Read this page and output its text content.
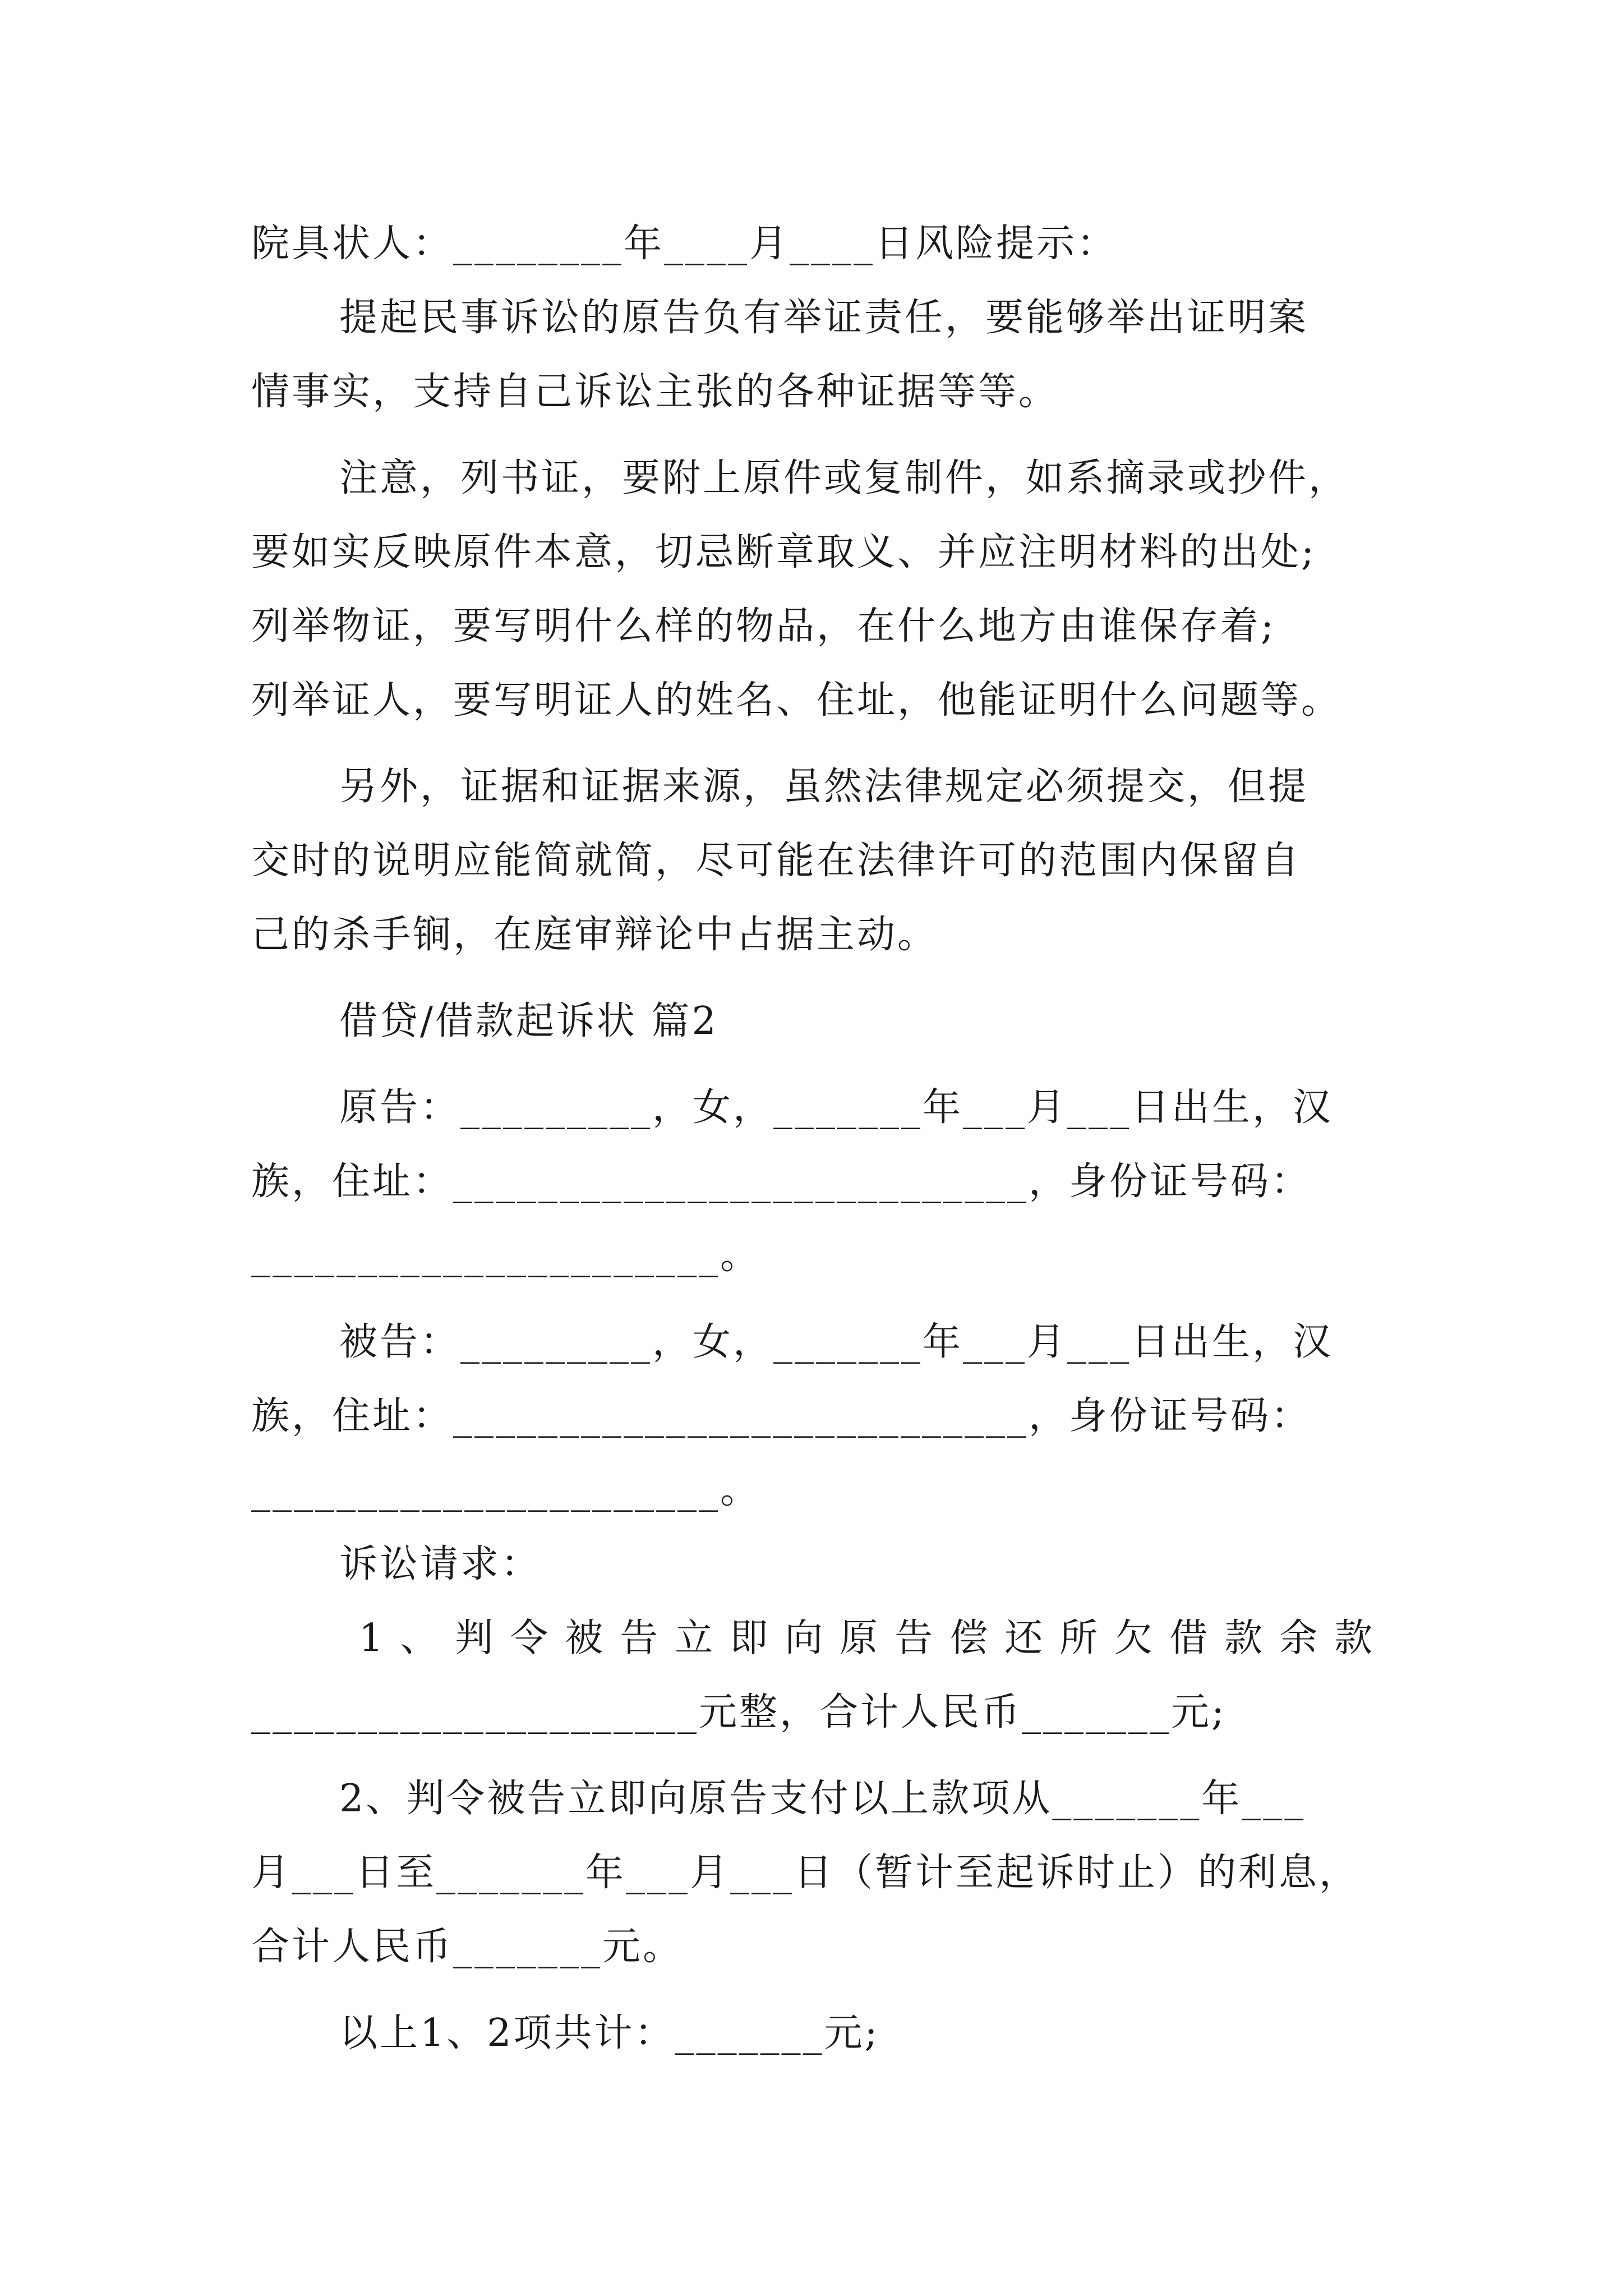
院具状人：________年____月____日风险提示：
提起民事诉讼的原告负有举证责任，要能够举出证明案
情事实，支持自己诉讼主张的各种证据等等。
注意，列书证，要附上原件或复制件，如系摘录或抄件，
要如实反映原件本意，切忌断章取义、并应注明材料的出处;
列举物证，要写明什么样的物品，在什么地方由谁保存着;
列举证人，要写明证人的姓名、住址，他能证明什么问题等。
另外，证据和证据来源，虽然法律规定必须提交，但提
交时的说明应能简就简，尽可能在法律许可的范围内保留自
己的杀手锏，在庭审辩论中占据主动。
借贷/借款起诉状 篇2
原告：_________，女，_______年___月___日出生，汉
族，住址：___________________________，身份证号码：
______________________。
被告：_________，女，_______年___月___日出生，汉
族，住址：___________________________，身份证号码：
______________________。
诉讼请求：
1、判令被告立即向原告偿还所欠借款余款
_____________________元整，合计人民币_______元;
2、判令被告立即向原告支付以上款项从_______年___
月___日至_______年___月___日（暂计至起诉时止）的利息，
合计人民币_______元。
以上1、2项共计：_______元;
